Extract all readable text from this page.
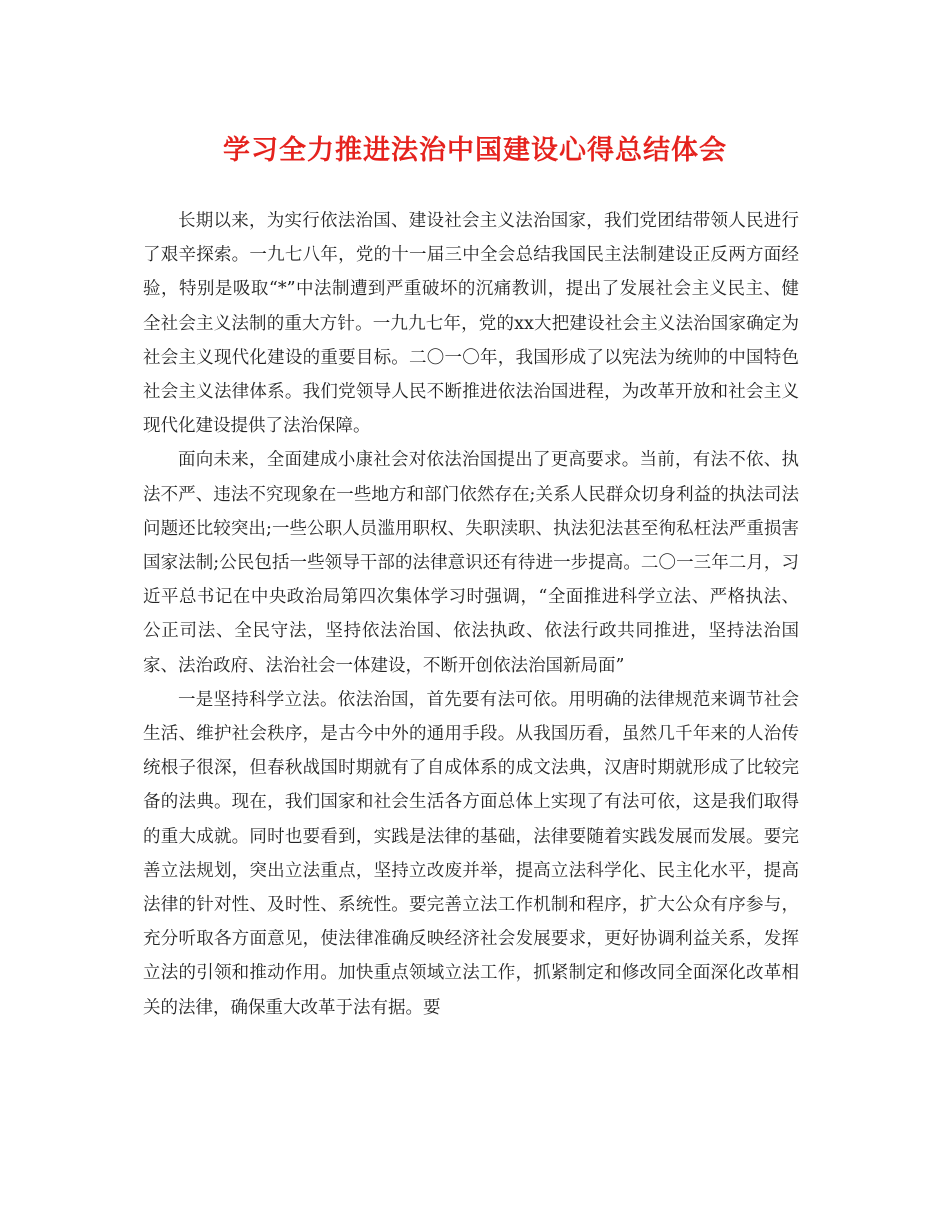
学习全力推进法治中国建设心得总结体会

长期以来，为实行依法治国、建设社会主义法治国家，我们党团结带领人民进行了艰辛探索。一九七八年，党的十一届三中全会总结我国民主法制建设正反两方面经验，特别是吸取“*”中法制遭到严重破坏的沉痛教训，提出了发展社会主义民主、健全社会主义法制的重大方针。一九九七年，党的xx大把建设社会主义法治国家确定为社会主义现代化建设的重要目标。二〇一〇年，我国形成了以宪法为统帅的中国特色社会主义法律体系。我们党领导人民不断推进依法治国进程，为改革开放和社会主义现代化建设提供了法治保障。

面向未来，全面建成小康社会对依法治国提出了更高要求。当前，有法不依、执法不严、违法不究现象在一些地方和部门依然存在;关系人民群众切身利益的执法司法问题还比较突出;一些公职人员滥用职权、失职渎职、执法犯法甚至徇私枉法严重损害国家法制;公民包括一些领导干部的法律意识还有待进一步提高。二〇一三年二月，习近平总书记在中央政治局第四次集体学习时强调，“全面推进科学立法、严格执法、公正司法、全民守法，坚持依法治国、依法执政、依法行政共同推进，坚持法治国家、法治政府、法治社会一体建设，不断开创依法治国新局面”

一是坚持科学立法。依法治国，首先要有法可依。用明确的法律规范来调节社会生活、维护社会秩序，是古今中外的通用手段。从我国历看，虽然几千年来的人治传统根子很深，但春秋战国时期就有了自成体系的成文法典，汉唐时期就形成了比较完备的法典。现在，我们国家和社会生活各方面总体上实现了有法可依，这是我们取得的重大成就。同时也要看到，实践是法律的基础，法律要随着实践发展而发展。要完善立法规划，突出立法重点，坚持立改废并举，提高立法科学化、民主化水平，提高法律的针对性、及时性、系统性。要完善立法工作机制和程序，扩大公众有序参与，充分听取各方面意见，使法律准确反映经济社会发展要求，更好协调利益关系，发挥立法的引领和推动作用。加快重点领域立法工作，抓紧制定和修改同全面深化改革相关的法律，确保重大改革于法有据。要
